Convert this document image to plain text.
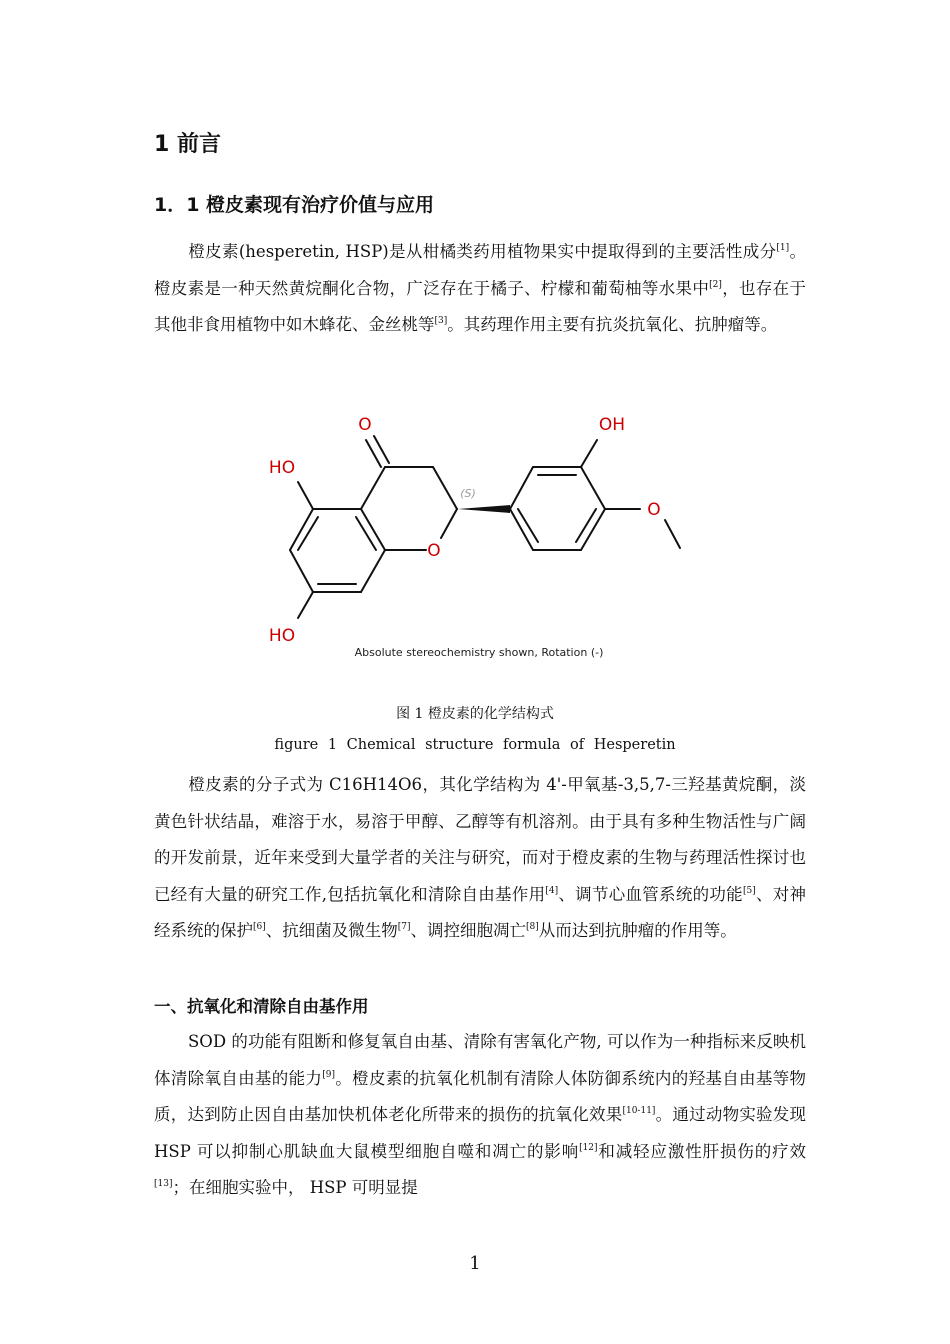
1 前言
1．1 橙皮素现有治疗价值与应用

橙皮素(hesperetin, HSP)是从柑橘类药用植物果实中提取得到的主要活性成分[1]。橙皮素是一种天然黄烷酮化合物，广泛存在于橘子、柠檬和葡萄柚等水果中[2]，也存在于其他非食用植物中如木蜂花、金丝桃等[3]。其药理作用主要有抗炎抗氧化、抗肿瘤等。

O	OH
HO
O
O
HO
(S)
Absolute stereochemistry shown, Rotation (-)

图 1 橙皮素的化学结构式

figure 1 Chemical structure formula of Hesperetin

橙皮素的分子式为 C16H14O6，其化学结构为 4'-甲氧基-3,5,7-三羟基黄烷酮，淡黄色针状结晶，难溶于水，易溶于甲醇、乙醇等有机溶剂。由于具有多种生物活性与广阔的开发前景，近年来受到大量学者的关注与研究，而对于橙皮素的生物与药理活性探讨也已经有大量的研究工作,包括抗氧化和清除自由基作用[4]、调节心血管系统的功能[5]、对神经系统的保护[6]、抗细菌及微生物[7]、调控细胞凋亡[8]从而达到抗肿瘤的作用等。

一、抗氧化和清除自由基作用

SOD 的功能有阻断和修复氧自由基、清除有害氧化产物, 可以作为一种指标来反映机体清除氧自由基的能力[9]。橙皮素的抗氧化机制有清除人体防御系统内的羟基自由基等物质，达到防止因自由基加快机体老化所带来的损伤的抗氧化效果[10-11]。通过动物实验发现 HSP 可以抑制心肌缺血大鼠模型细胞自噬和凋亡的影响[12]和减轻应激性肝损伤的疗效[13]；在细胞实验中， HSP 可明显提

1
